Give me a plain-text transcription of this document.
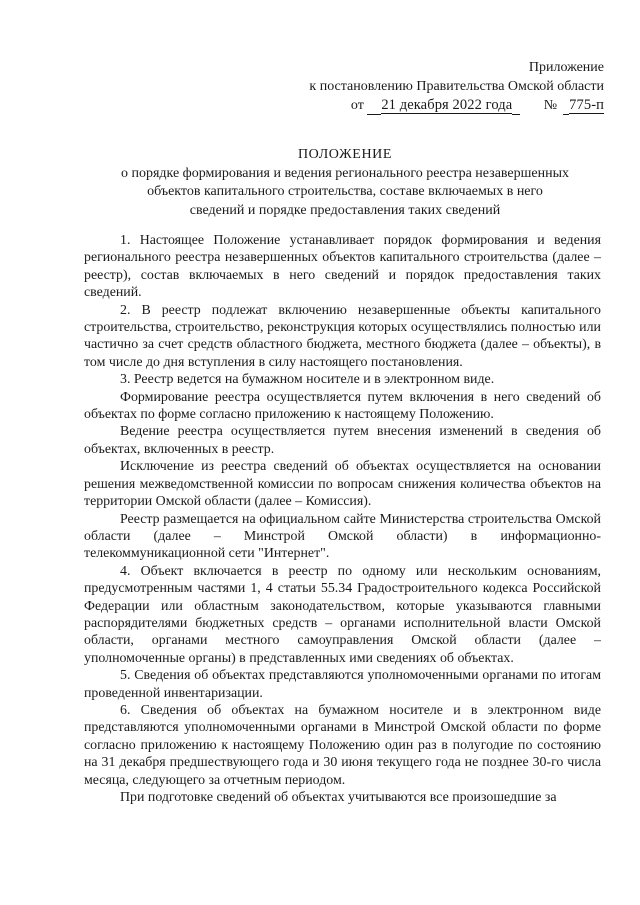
Приложение
к постановлению Правительства Омской области
от 21 декабря 2022 года № 775-п
ПОЛОЖЕНИЕ
о порядке формирования и ведения регионального реестра незавершенных
объектов капитального строительства, составе включаемых в него
сведений и порядке предоставления таких сведений

1. Настоящее Положение устанавливает порядок формирования и ведения регионального реестра незавершенных объектов капитального строительства (далее – реестр), состав включаемых в него сведений и порядок предоставления таких сведений.

2. В реестр подлежат включению незавершенные объекты капитального строительства, строительство, реконструкция которых осуществлялись полностью или частично за счет средств областного бюджета, местного бюджета (далее – объекты), в том числе до дня вступления в силу настоящего постановления.

3. Реестр ведется на бумажном носителе и в электронном виде.

Формирование реестра осуществляется путем включения в него сведений об объектах по форме согласно приложению к настоящему Положению.

Ведение реестра осуществляется путем внесения изменений в сведения об объектах, включенных в реестр.

Исключение из реестра сведений об объектах осуществляется на основании решения межведомственной комиссии по вопросам снижения количества объектов на территории Омской области (далее – Комиссия).

Реестр размещается на официальном сайте Министерства строительства Омской области (далее – Минстрой Омской области) в информационно-телекоммуникационной сети "Интернет".

4. Объект включается в реестр по одному или нескольким основаниям, предусмотренным частями 1, 4 статьи 55.34 Градостроительного кодекса Российской Федерации или областным законодательством, которые указываются главными распорядителями бюджетных средств – органами исполнительной власти Омской области, органами местного самоуправления Омской области (далее – уполномоченные органы) в представленных ими сведениях об объектах.

5. Сведения об объектах представляются уполномоченными органами по итогам проведенной инвентаризации.

6. Сведения об объектах на бумажном носителе и в электронном виде представляются уполномоченными органами в Минстрой Омской области по форме согласно приложению к настоящему Положению один раз в полугодие по состоянию на 31 декабря предшествующего года и 30 июня текущего года не позднее 30-го числа месяца, следующего за отчетным периодом.

При подготовке сведений об объектах учитываются все произошедшие за
